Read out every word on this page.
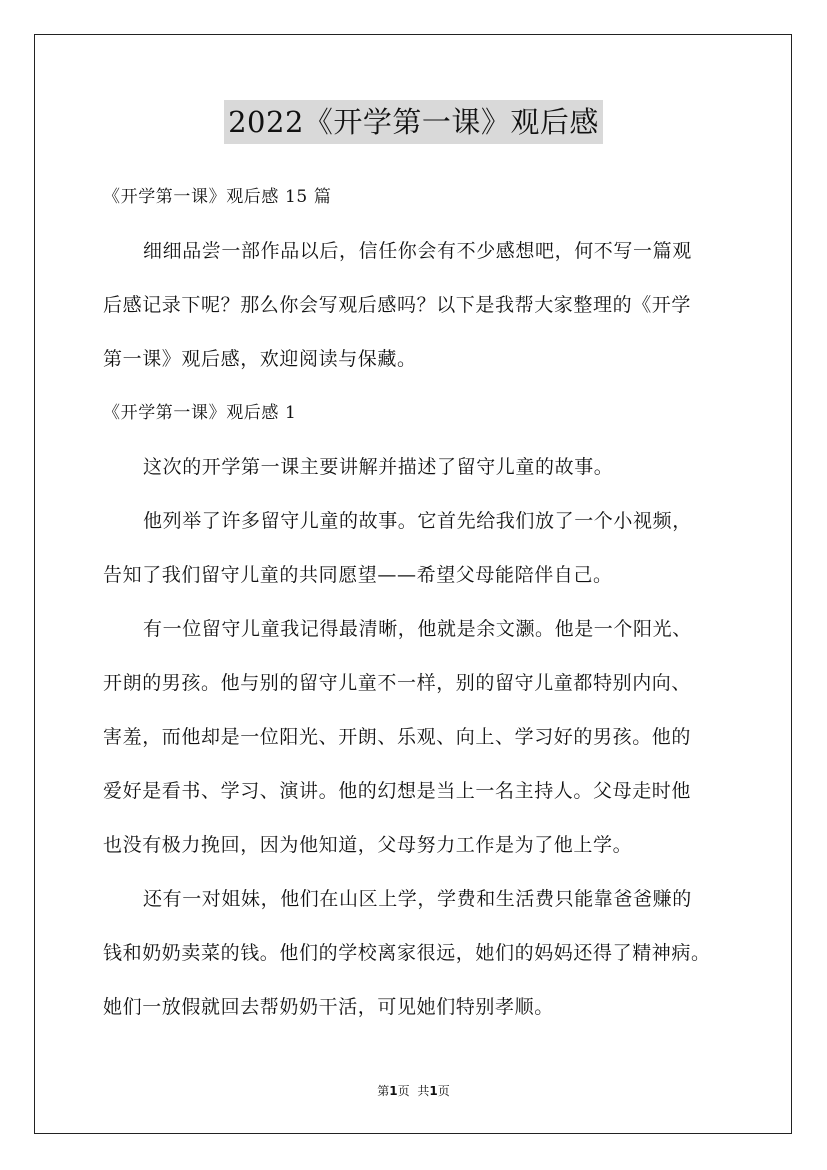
2022《开学第一课》观后感
《开学第一课》观后感 15 篇
细细品尝一部作品以后，信任你会有不少感想吧，何不写一篇观
后感记录下呢？那么你会写观后感吗？以下是我帮大家整理的《开学
第一课》观后感，欢迎阅读与保藏。
《开学第一课》观后感 1
这次的开学第一课主要讲解并描述了留守儿童的故事。
他列举了许多留守儿童的故事。它首先给我们放了一个小视频，
告知了我们留守儿童的共同愿望——希望父母能陪伴自己。
有一位留守儿童我记得最清晰，他就是余文灏。他是一个阳光、
开朗的男孩。他与别的留守儿童不一样，别的留守儿童都特别内向、
害羞，而他却是一位阳光、开朗、乐观、向上、学习好的男孩。他的
爱好是看书、学习、演讲。他的幻想是当上一名主持人。父母走时他
也没有极力挽回，因为他知道，父母努力工作是为了他上学。
还有一对姐妹，他们在山区上学，学费和生活费只能靠爸爸赚的
钱和奶奶卖菜的钱。他们的学校离家很远，她们的妈妈还得了精神病。
她们一放假就回去帮奶奶干活，可见她们特别孝顺。
第1页 共1页
